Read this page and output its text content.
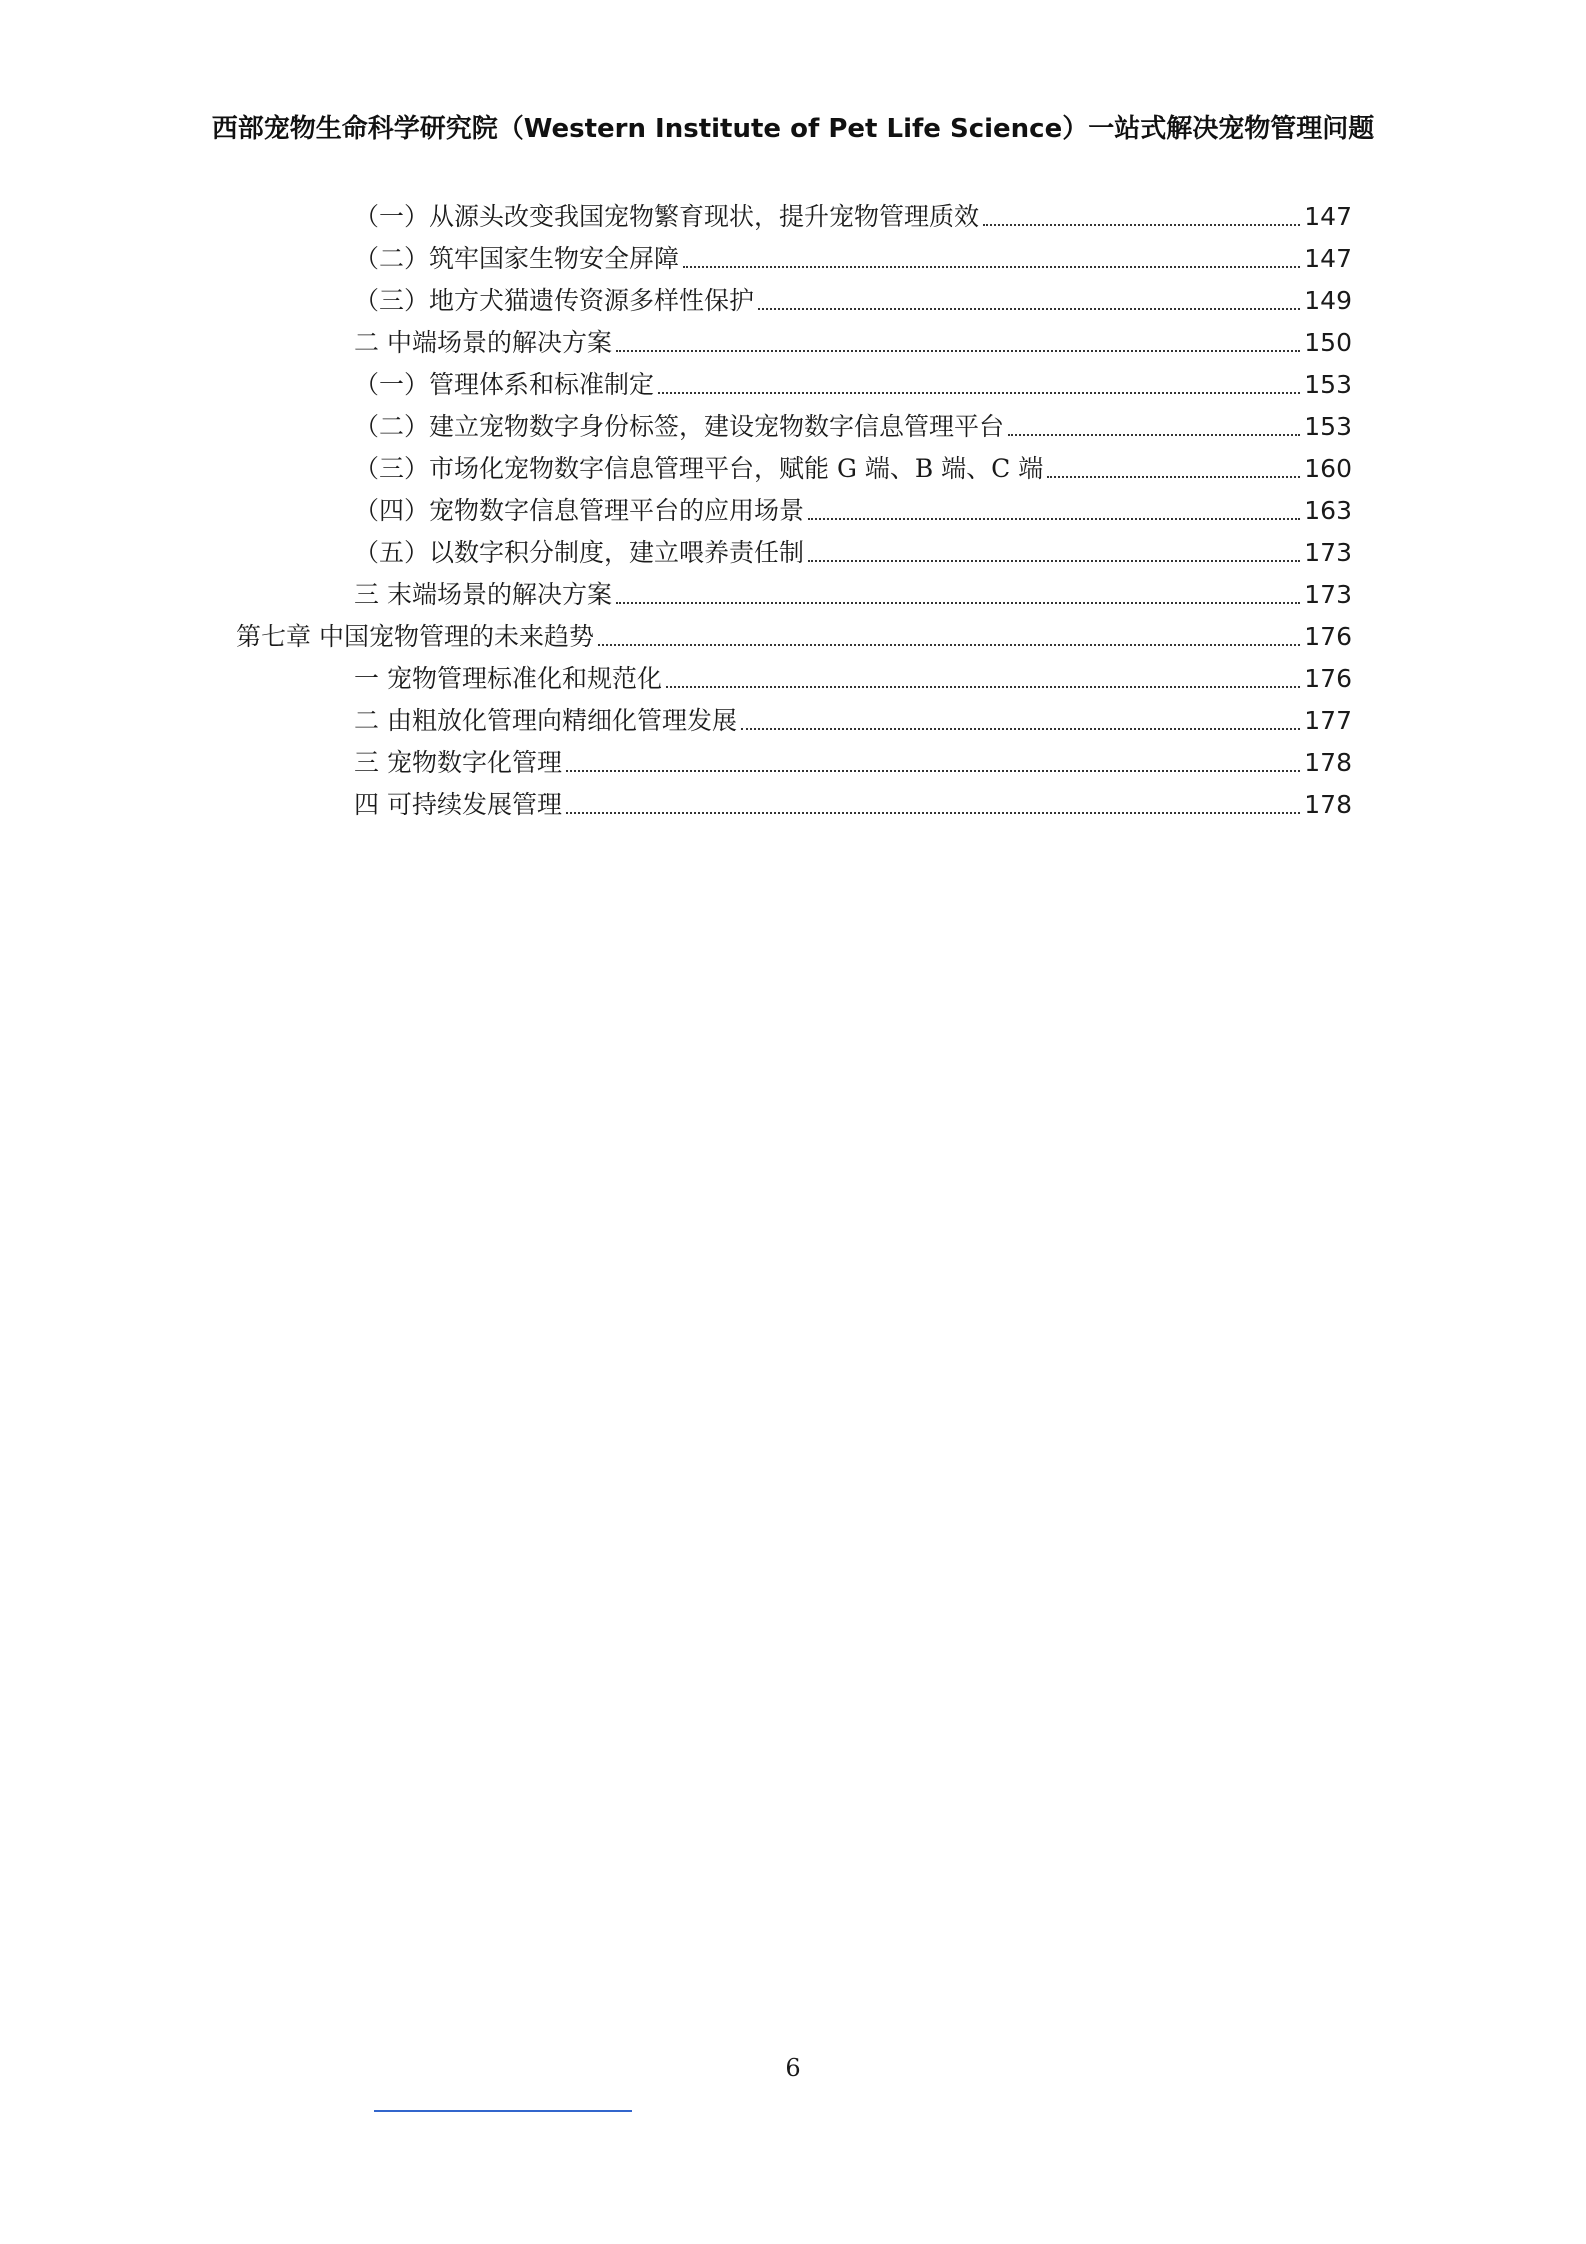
西部宠物生命科学研究院（Western Institute of Pet Life Science）一站式解决宠物管理问题
（一）从源头改变我国宠物繁育现状，提升宠物管理质效	147
（二）筑牢国家生物安全屏障	147
（三）地方犬猫遗传资源多样性保护	149
二 中端场景的解决方案	150
（一）管理体系和标准制定	153
（二）建立宠物数字身份标签，建设宠物数字信息管理平台	153
（三）市场化宠物数字信息管理平台，赋能 G 端、B 端、C 端	160
（四）宠物数字信息管理平台的应用场景	163
（五）以数字积分制度，建立喂养责任制	173
三 末端场景的解决方案	173
第七章 中国宠物管理的未来趋势	176
一 宠物管理标准化和规范化	176
二 由粗放化管理向精细化管理发展	177
三 宠物数字化管理	178
四 可持续发展管理	178
6
